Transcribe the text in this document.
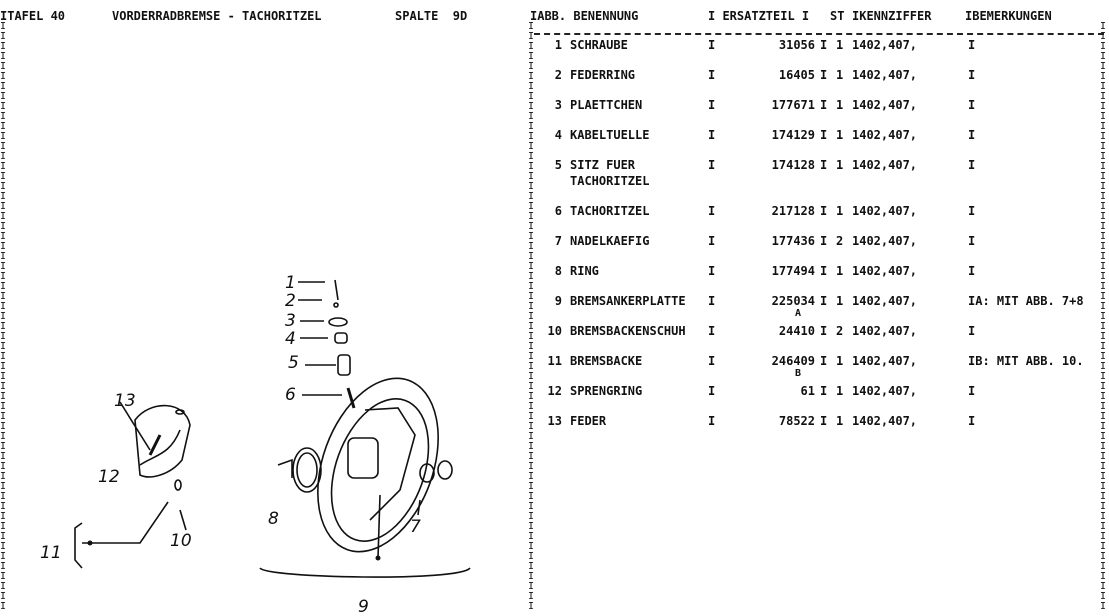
I
I
I
I
I
I
I
I
I
I
I
I
I
I
I
I
I
I
I
I
I
I
I
I
I
I
I
I
I
I
I
I
I
I
I
I
I
I
I
I
I
I
I
I
I
I
I
I
I
I
I
I
I
I
I
I
I
I
I
I
I
I
I
I
I
I
I
I
I
I
I
I
I
I
I
I
I
I
I
I
I
I
I
I
I
I
I
I
I
I
I
I
I
I
I
I
I
I
I
I
I
I
I
I
I
I
I
I
I
I
I
I
I
I
I
I
I
I
I
I
I
I
I
I
I
I
I
I
I
I
I
I
I
I
I
I
I
I
I
I
I
I
I
I
I
I
I
I
I
I
I
I
I
I
I
I
I
I
I
I
I
I
I
I
I
I
I
I
I
I
I
I
I
I
I
I
I
ITAFEL 40	VORDERRADBREMSE - TACHORITZEL	SPALTE  9D	IABB. BENENNUNG	I ERSATZTEIL I ST IKENNZIFFER	IBEMERKUNGEN
1 SCHRAUBE	31056 1 1402,407,	I
I	I
2 FEDERRING	16405 1 1402,407,	I
I	I
3 PLAETTCHEN	177671 1 1402,407,	I
I	I
4 KABELTUELLE	174129 1 1402,407,	I
I	I
5 SITZ FUER	174128 1 1402,407,	I
I	I
TACHORITZEL
6 TACHORITZEL	217128 1 1402,407,	I
I	I
7 NADELKAEFIG	177436 2 1402,407,	I
I	I
8 RING	177494 1 1402,407,	I
I	I
9 BREMSANKERPLATTE	225034 1 1402,407,	IA: MIT ABB. 7+8
I	I
A
10 BREMSBACKENSCHUH	24410 2 1402,407,	I
I	I
11 BREMSBACKE	246409 1 1402,407,	IB: MIT ABB. 10.
I	I
B
12 SPRENGRING	61 1 1402,407,	I
I	I
13 FEDER	78522 1 1402,407,	I
I	I
1
2
3
4
5
6
7
8
9
10
11
12
13
